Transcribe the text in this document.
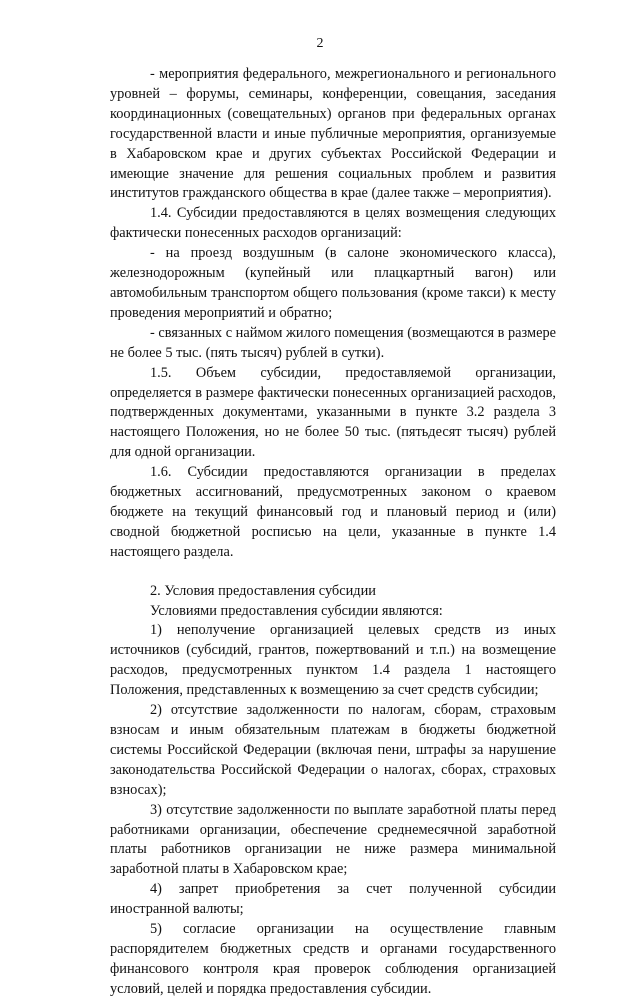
2

- мероприятия федерального, межрегионального и регионального уровней – форумы, семинары, конференции, совещания, заседания координационных (совещательных) органов при федеральных органах государственной власти и иные публичные мероприятия, организуемые в Хабаровском крае и других субъектах Российской Федерации и имеющие значение для решения социальных проблем и развития институтов гражданского общества в крае (далее также – мероприятия).

1.4. Субсидии предоставляются в целях возмещения следующих фактически понесенных расходов организаций:

- на проезд воздушным (в салоне экономического класса), железнодорожным (купейный или плацкартный вагон) или автомобильным транспортом общего пользования (кроме такси) к месту проведения мероприятий и обратно;

- связанных с наймом жилого помещения (возмещаются в размере не более 5 тыс. (пять тысяч) рублей в сутки).

1.5. Объем субсидии, предоставляемой организации, определяется в размере фактически понесенных организацией расходов, подтвержденных документами, указанными в пункте 3.2 раздела 3 настоящего Положения, но не более 50 тыс. (пятьдесят тысяч) рублей для одной организации.

1.6. Субсидии предоставляются организации в пределах бюджетных ассигнований, предусмотренных законом о краевом бюджете на текущий финансовый год и плановый период и (или) сводной бюджетной росписью на цели, указанные в пункте 1.4 настоящего раздела.

2. Условия предоставления субсидии

Условиями предоставления субсидии являются:

1) неполучение организацией целевых средств из иных источников (субсидий, грантов, пожертвований и т.п.) на возмещение расходов, предусмотренных пунктом 1.4 раздела 1 настоящего Положения, представленных к возмещению за счет средств субсидии;

2) отсутствие задолженности по налогам, сборам, страховым взносам и иным обязательным платежам в бюджеты бюджетной системы Российской Федерации (включая пени, штрафы за нарушение законодательства Российской Федерации о налогах, сборах, страховых взносах);

3) отсутствие задолженности по выплате заработной платы перед работниками организации, обеспечение среднемесячной заработной платы работников организации не ниже размера минимальной заработной платы в Хабаровском крае;

4) запрет приобретения за счет полученной субсидии иностранной валюты;

5) согласие организации на осуществление главным распорядителем бюджетных средств и органами государственного финансового контроля края проверок соблюдения организацией условий, целей и порядка предоставления субсидии.
